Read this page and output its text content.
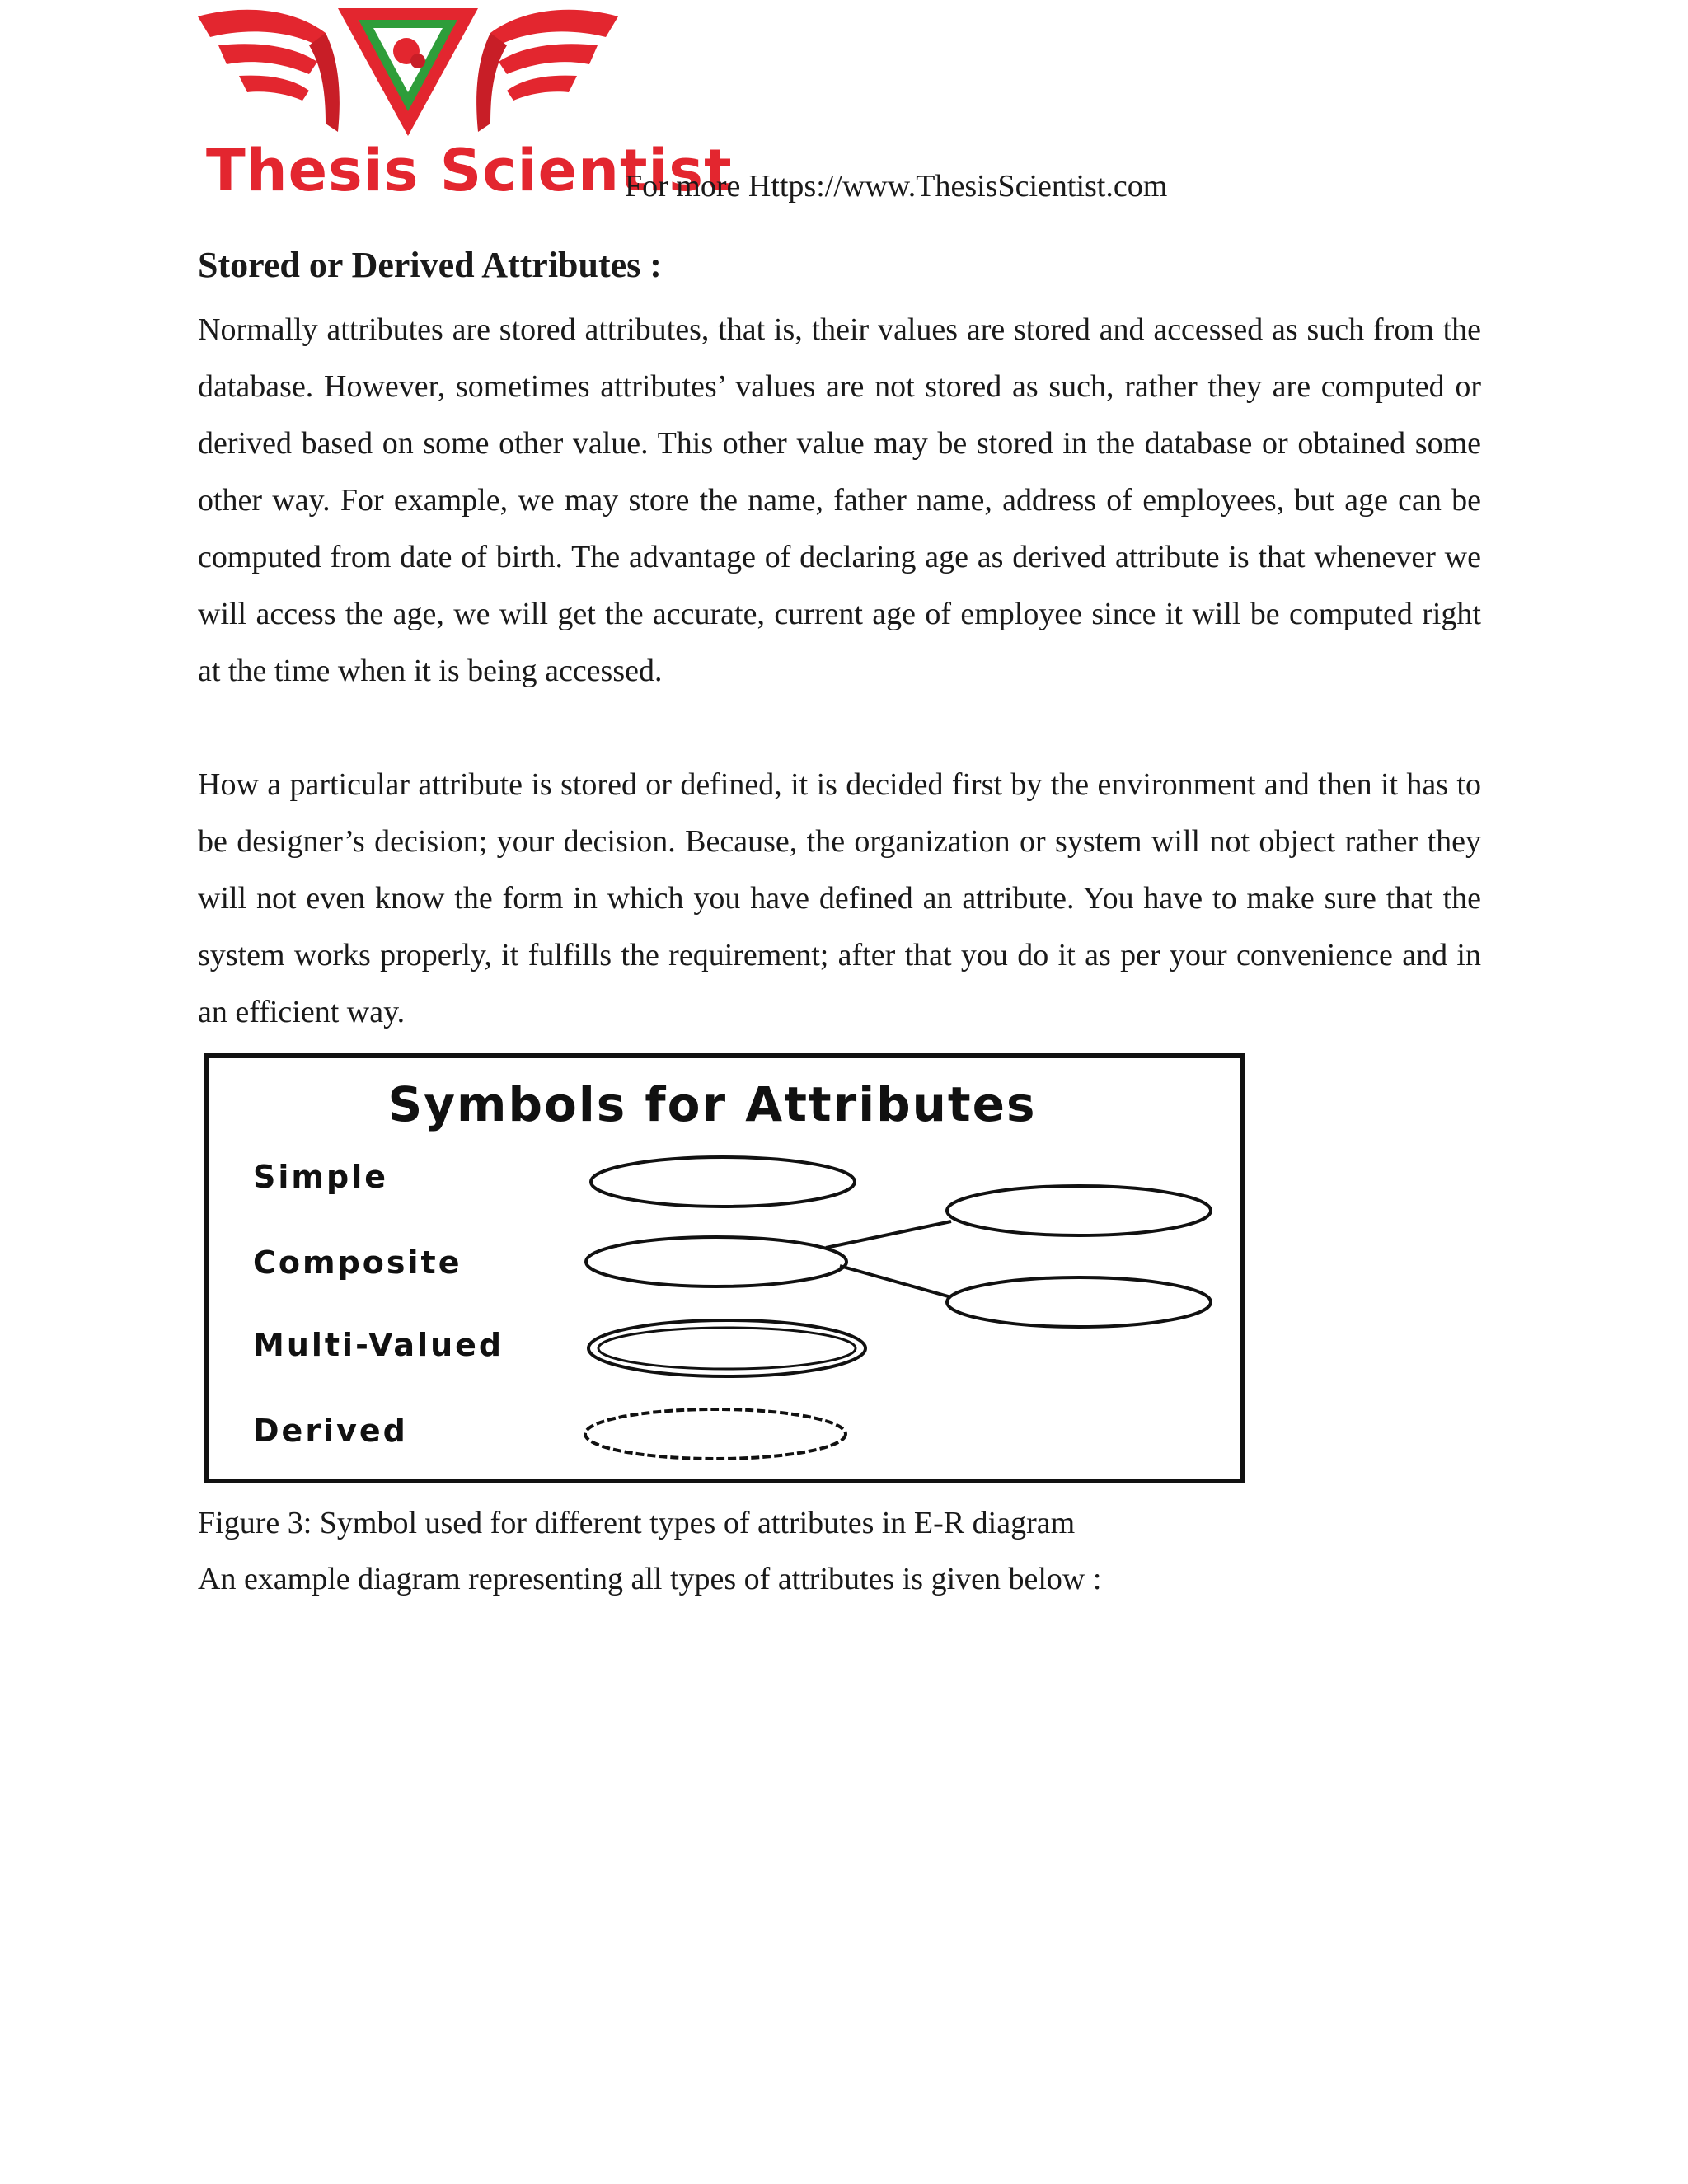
Thesis Scientist
For more Https://www.ThesisScientist.com
Stored or Derived Attributes :

Normally attributes are stored attributes, that is, their values are stored and accessed as such from the database. However, sometimes attributes’ values are not stored as such, rather they are computed or derived based on some other value. This other value may be stored in the database or obtained some other way. For example, we may store the name, father name, address of employees, but age can be computed from date of birth. The advantage of declaring age as derived attribute is that whenever we will access the age, we will get the accurate, current age of employee since it will be computed right at the time when it is being accessed.

How a particular attribute is stored or defined, it is decided first by the environment and then it has to be designer’s decision; your decision. Because, the organization or system will not object rather they will not even know the form in which you have defined an attribute. You have to make sure that the system works properly, it fulfills the requirement; after that you do it as per your convenience and in an efficient way.

Symbols for Attributes
Simple
Composite
Multi-Valued
Derived
Figure 3: Symbol used for different types of attributes in E-R diagram
An example diagram representing all types of attributes is given below :
